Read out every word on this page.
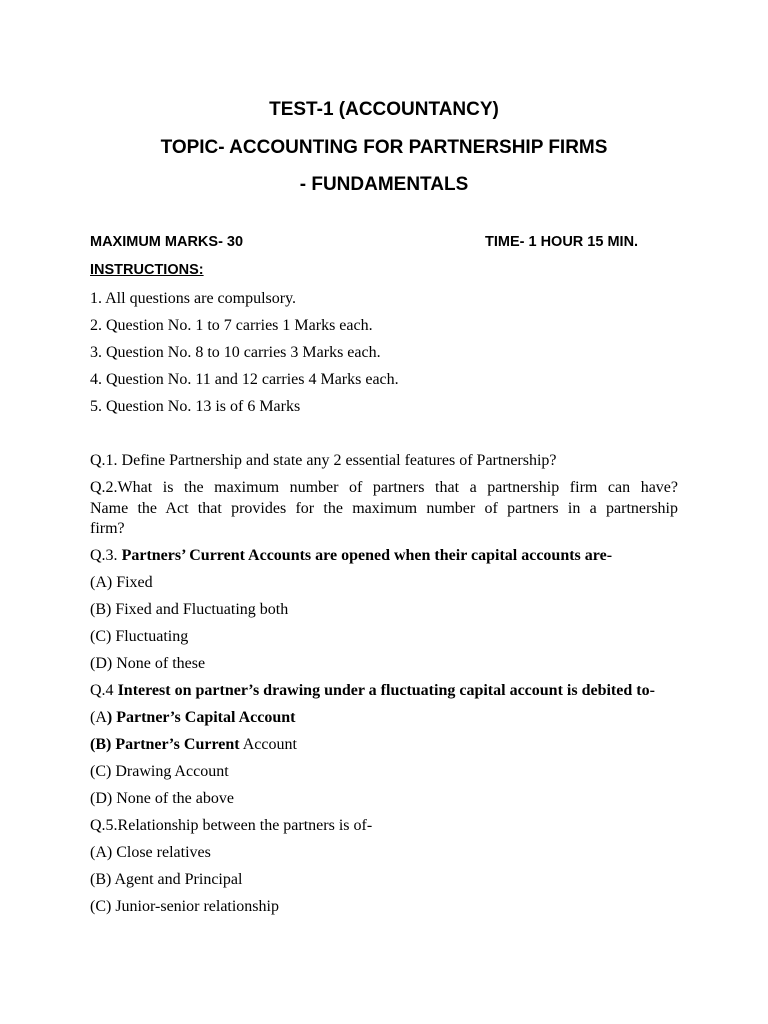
TEST-1 (ACCOUNTANCY)
TOPIC- ACCOUNTING FOR PARTNERSHIP FIRMS
- FUNDAMENTALS
MAXIMUM MARKS- 30	TIME- 1 HOUR 15 MIN.
INSTRUCTIONS:
1. All questions are compulsory.
2. Question No. 1 to 7 carries 1 Marks each.
3. Question No. 8 to 10 carries 3 Marks each.
4. Question No. 11 and 12 carries 4 Marks each.
5. Question No. 13 is of 6 Marks
Q.1. Define Partnership and state any 2 essential features of Partnership?
Q.2.What is the maximum number of partners that a partnership firm can have?
Name the Act that provides for the maximum number of partners in a partnership
firm?
Q.3. Partners’ Current Accounts are opened when their capital accounts are-
(A) Fixed
(B) Fixed and Fluctuating both
(C) Fluctuating
(D) None of these
Q.4 Interest on partner’s drawing under a fluctuating capital account is debited to-
(A) Partner’s Capital Account
(B) Partner’s Current Account
(C) Drawing Account
(D) None of the above
Q.5.Relationship between the partners is of-
(A) Close relatives
(B) Agent and Principal
(C) Junior-senior relationship
